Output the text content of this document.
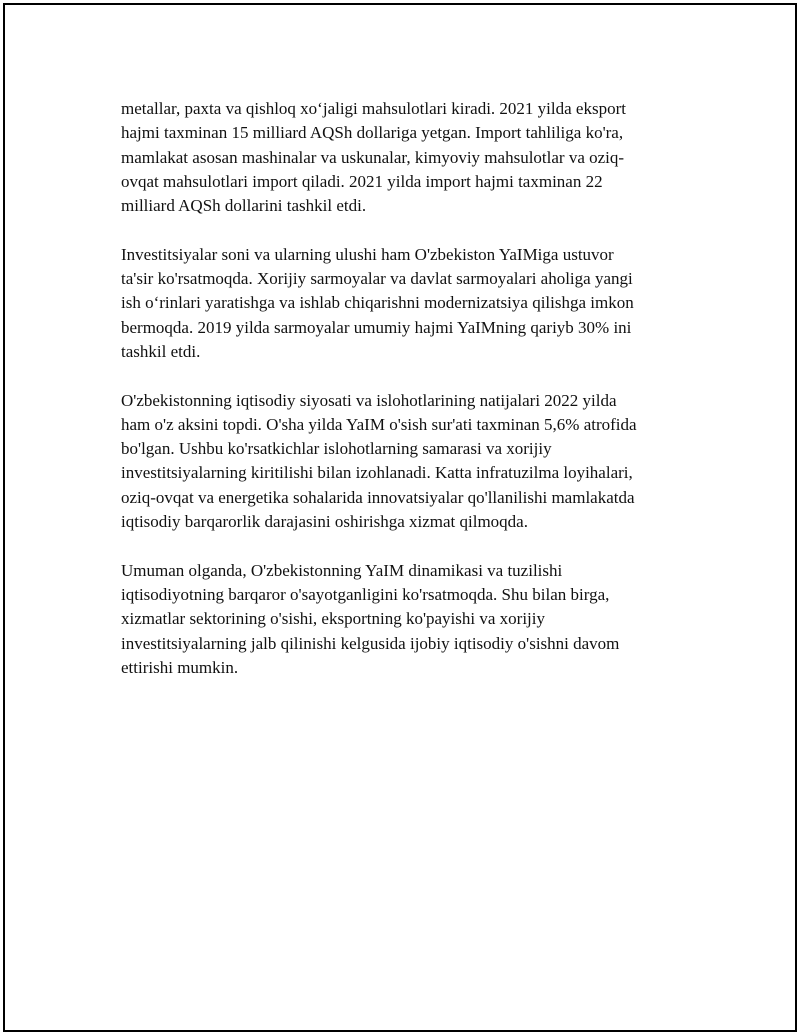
metallar, paxta va qishloq xo‘jaligi mahsulotlari kiradi. 2021 yilda eksport
hajmi taxminan 15 milliard AQSh dollariga yetgan. Import tahliliga ko'ra,
mamlakat asosan mashinalar va uskunalar, kimyoviy mahsulotlar va oziq-
ovqat mahsulotlari import qiladi. 2021 yilda import hajmi taxminan 22
milliard AQSh dollarini tashkil etdi.

Investitsiyalar soni va ularning ulushi ham O'zbekiston YaIMiga ustuvor
ta'sir ko'rsatmoqda. Xorijiy sarmoyalar va davlat sarmoyalari aholiga yangi
ish o‘rinlari yaratishga va ishlab chiqarishni modernizatsiya qilishga imkon
bermoqda. 2019 yilda sarmoyalar umumiy hajmi YaIMning qariyb 30% ini
tashkil etdi.

O'zbekistonning iqtisodiy siyosati va islohotlarining natijalari 2022 yilda
ham o'z aksini topdi. O'sha yilda YaIM o'sish sur'ati taxminan 5,6% atrofida
bo'lgan. Ushbu ko'rsatkichlar islohotlarning samarasi va xorijiy
investitsiyalarning kiritilishi bilan izohlanadi. Katta infratuzilma loyihalari,
oziq-ovqat va energetika sohalarida innovatsiyalar qo'llanilishi mamlakatda
iqtisodiy barqarorlik darajasini oshirishga xizmat qilmoqda.

Umuman olganda, O'zbekistonning YaIM dinamikasi va tuzilishi
iqtisodiyotning barqaror o'sayotganligini ko'rsatmoqda. Shu bilan birga,
xizmatlar sektorining o'sishi, eksportning ko'payishi va xorijiy
investitsiyalarning jalb qilinishi kelgusida ijobiy iqtisodiy o'sishni davom
ettirishi mumkin.
